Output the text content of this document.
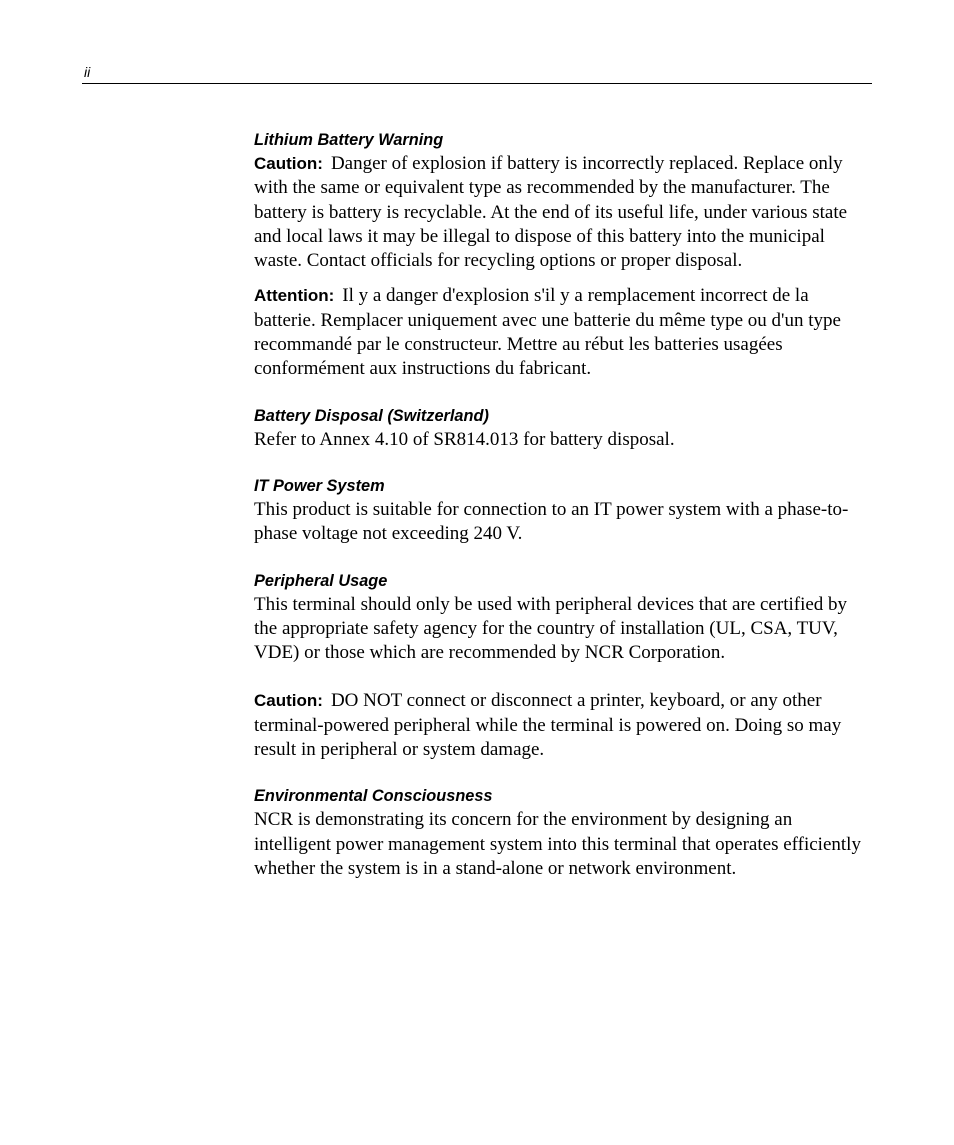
ii

Lithium Battery Warning

Caution: Danger of explosion if battery is incorrectly replaced. Replace only with the same or equivalent type as recommended by the manufacturer. The battery is battery is recyclable. At the end of its useful life, under various state and local laws it may be illegal to dispose of this battery into the municipal waste. Contact officials for recycling options or proper disposal.

Attention: Il y a danger d'explosion s'il y a remplacement incorrect de la batterie. Remplacer uniquement avec une batterie du même type ou d'un type recommandé par le constructeur. Mettre au rébut les batteries usagées conformément aux instructions du fabricant.

Battery Disposal (Switzerland)

Refer to Annex 4.10 of SR814.013 for battery disposal.

IT Power System

This product is suitable for connection to an IT power system with a phase-to-phase voltage not exceeding 240 V.

Peripheral Usage

This terminal should only be used with peripheral devices that are certified by the appropriate safety agency for the country of installation (UL, CSA, TUV, VDE) or those which are recommended by NCR Corporation.

Caution: DO NOT connect or disconnect a printer, keyboard, or any other terminal-powered peripheral while the terminal is powered on. Doing so may result in peripheral or system damage.

Environmental Consciousness

NCR is demonstrating its concern for the environment by designing an intelligent power management system into this terminal that operates efficiently whether the system is in a stand-alone or network environment.
